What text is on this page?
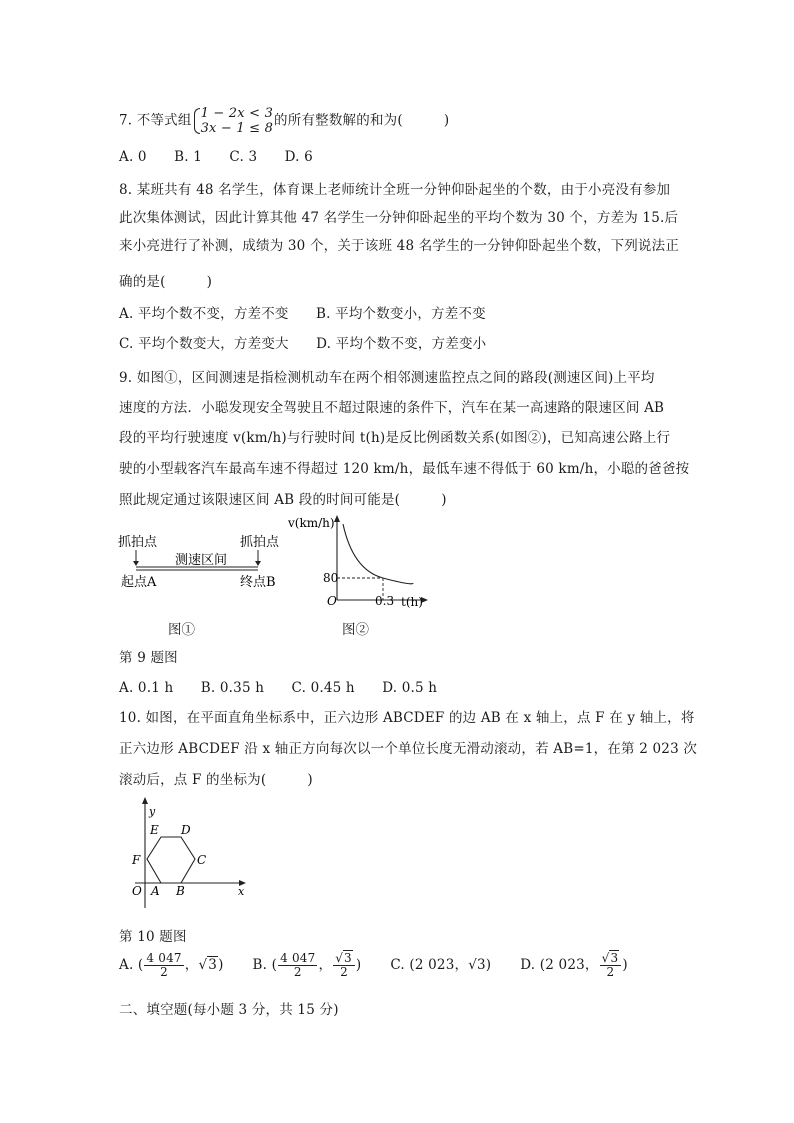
7. 不等式组 1 − 2x < 3
3x − 1 ≤ 8 的所有整数解的和为(　　　)
A. 0　　B. 1　　C. 3　　D. 6
8. 某班共有 48 名学生，体育课上老师统计全班一分钟仰卧起坐的个数，由于小亮没有参加
此次集体测试，因此计算其他 47 名学生一分钟仰卧起坐的平均个数为 30 个，方差为 15.后
来小亮进行了补测，成绩为 30 个，关于该班 48 名学生的一分钟仰卧起坐个数，下列说法正
确的是(　　　)
A. 平均个数不变，方差不变　　B. 平均个数变小，方差不变
C. 平均个数变大，方差变大　　D. 平均个数不变，方差变小
9. 如图①，区间测速是指检测机动车在两个相邻测速监控点之间的路段(测速区间)上平均
速度的方法．小聪发现安全驾驶且不超过限速的条件下，汽车在某一高速路的限速区间 AB
段的平均行驶速度 v(km/h)与行驶时间 t(h)是反比例函数关系(如图②)，已知高速公路上行
驶的小型载客汽车最高车速不得超过 120 km/h，最低车速不得低于 60 km/h，小聪的爸爸按
照此规定通过该限速区间 AB 段的时间可能是(　　　)
抓拍点	抓拍点
测速区间
起点A	终点B
v(km/h)
80
O	0.3 t(h)
图①	图②
第 9 题图
A. 0.1 h　　B. 0.35 h　　C. 0.45 h　　D. 0.5 h
10. 如图，在平面直角坐标系中，正六边形 ABCDEF 的边 AB 在 x 轴上，点 F 在 y 轴上，将
正六边形 ABCDEF 沿 x 轴正方向每次以一个单位长度无滑动滚动，若 AB=1，在第 2 023 次
滚动后，点 F 的坐标为(　　　)
y
x
E D
F	C
O A B
第 10 题图
A. ( $\frac{4 047}{2}$ ，√3) B. ( $\frac{4 047}{2}$ ， $\frac{√3}{2}$ ) C. (2 023，√3) D. (2 023， $\frac{√3}{2}$ )
二、填空题(每小题 3 分，共 15 分)
